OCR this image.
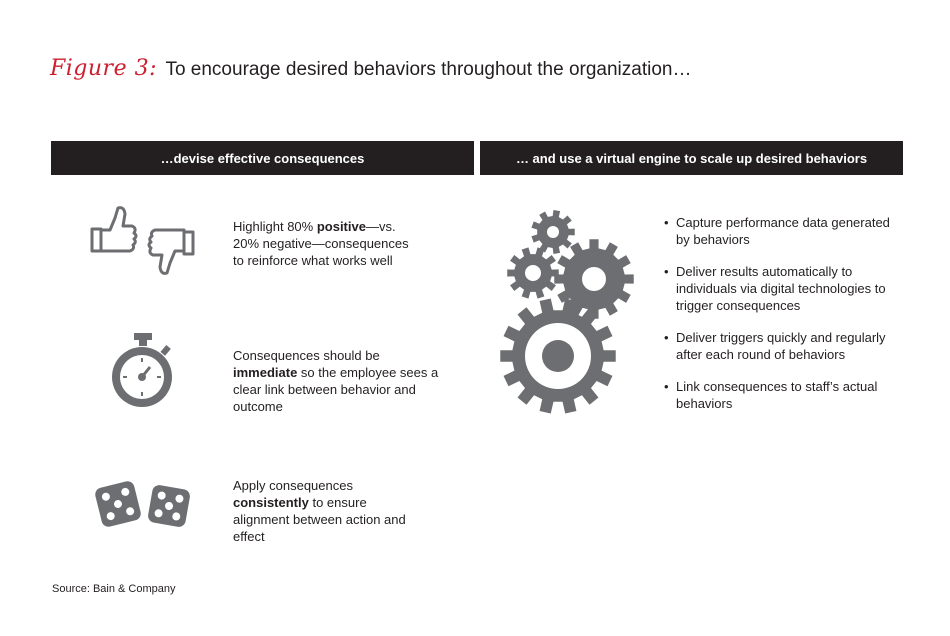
Figure 3: To encourage desired behaviors throughout the organization…
…devise effective consequences	… and use a virtual engine to scale up desired behaviors
Highlight 80% positive—vs. 20% negative—consequences to reinforce what works well
Consequences should be immediate so the employee sees a clear link between behavior and outcome
Apply consequences consistently to ensure alignment between action and effect
• Capture performance data generated by behaviors
• Deliver results automatically to individuals via digital technologies to trigger consequences
• Deliver triggers quickly and regularly after each round of behaviors
• Link consequences to staff’s actual behaviors
Source: Bain & Company
